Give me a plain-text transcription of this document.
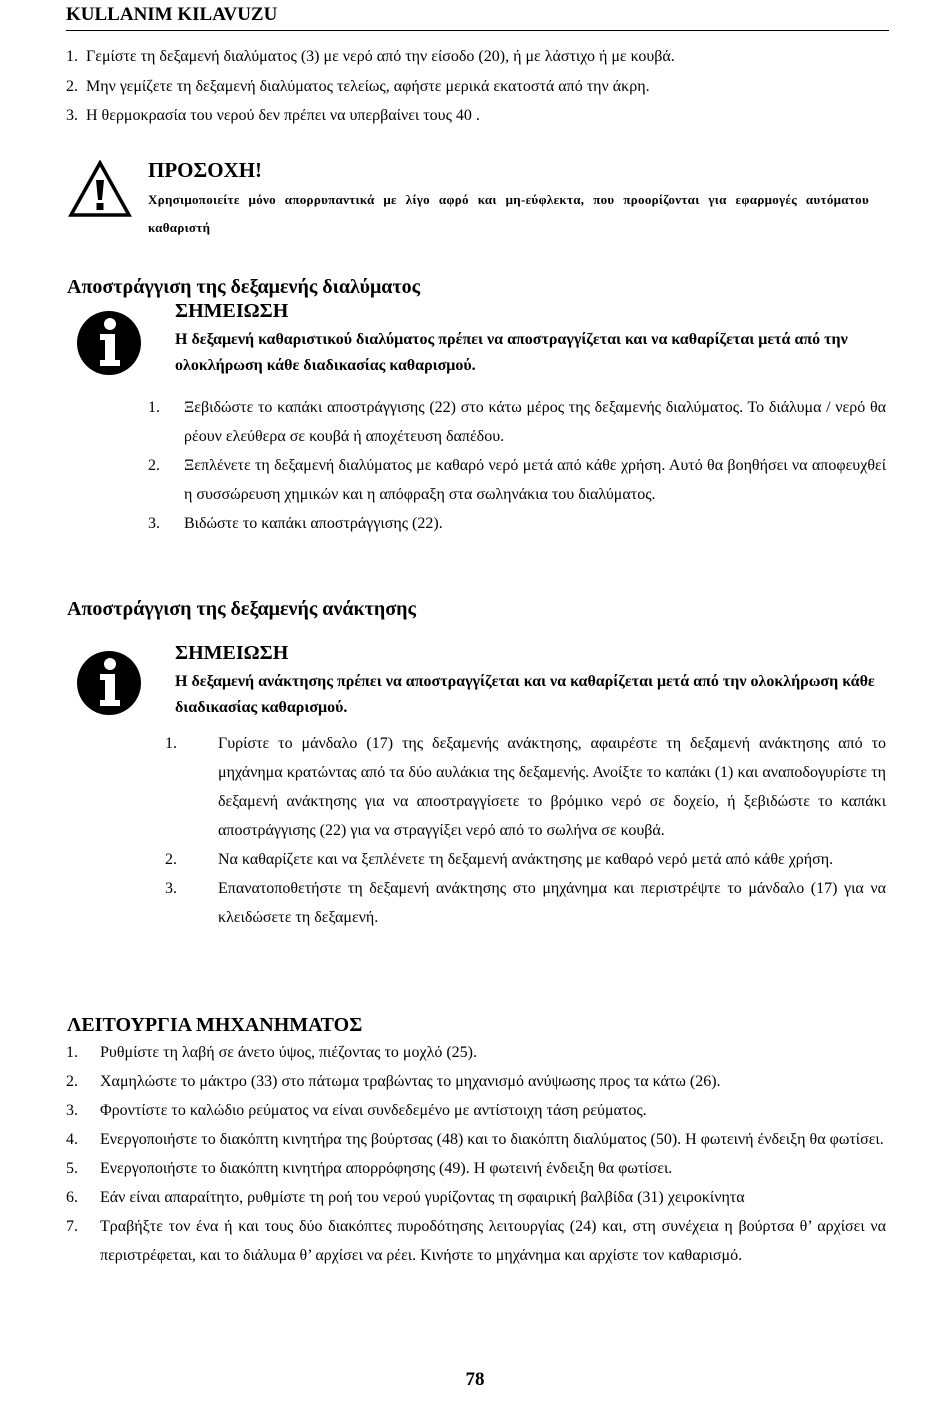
KULLANIM KILAVUZU
1. Γεμίστε τη δεξαμενή διαλύματος (3) με νερό από την είσοδο (20), ή με λάστιχο ή με κουβά.
2. Μην γεμίζετε τη δεξαμενή διαλύματος τελείως, αφήστε μερικά εκατοστά από την άκρη.
3. Η θερμοκρασία του νερού δεν πρέπει να υπερβαίνει τους 40 .
ΠΡΟΣΟΧΗ!
Χρησιμοποιείτε μόνο απορρυπαντικά με λίγο αφρό και μη-εύφλεκτα, που προορίζονται για εφαρμογές αυτόματου καθαριστή
Αποστράγγιση της δεξαμενής διαλύματος
ΣΗΜΕΙΩΣΗ
Η δεξαμενή καθαριστικού διαλύματος πρέπει να αποστραγγίζεται και να καθαρίζεται μετά από την ολοκλήρωση κάθε διαδικασίας καθαρισμού.
1.	Ξεβιδώστε το καπάκι αποστράγγισης (22) στο κάτω μέρος της δεξαμενής διαλύματος. Το διάλυμα / νερό θα ρέουν ελεύθερα σε κουβά ή αποχέτευση δαπέδου.
2.	Ξεπλένετε τη δεξαμενή διαλύματος με καθαρό νερό μετά από κάθε χρήση. Αυτό θα βοηθήσει να αποφευχθεί η συσσώρευση χημικών και η απόφραξη στα σωληνάκια του διαλύματος.
3.	Βιδώστε το καπάκι αποστράγγισης (22).
Αποστράγγιση της δεξαμενής ανάκτησης
ΣΗΜΕΙΩΣΗ
Η δεξαμενή ανάκτησης πρέπει να αποστραγγίζεται και να καθαρίζεται μετά από την ολοκλήρωση κάθε διαδικασίας καθαρισμού.
1.	Γυρίστε το μάνδαλο (17) της δεξαμενής ανάκτησης, αφαιρέστε τη δεξαμενή ανάκτησης από το μηχάνημα κρατώντας από τα δύο αυλάκια της δεξαμενής. Ανοίξτε το καπάκι (1) και αναποδογυρίστε τη δεξαμενή ανάκτησης για να αποστραγγίσετε το βρόμικο νερό σε δοχείο, ή ξεβιδώστε το καπάκι αποστράγγισης (22) για να στραγγίξει νερό από το σωλήνα σε κουβά.
2.	Να καθαρίζετε και να ξεπλένετε τη δεξαμενή ανάκτησης με καθαρό νερό μετά από κάθε χρήση.
3.	Επανατοποθετήστε τη δεξαμενή ανάκτησης στο μηχάνημα και περιστρέψτε το μάνδαλο (17) για να κλειδώσετε τη δεξαμενή.
ΛΕΙΤΟΥΡΓΙΑ ΜΗΧΑΝΗΜΑΤΟΣ
1.	Ρυθμίστε τη λαβή σε άνετο ύψος, πιέζοντας το μοχλό (25).
2.	Χαμηλώστε το μάκτρο (33) στο πάτωμα τραβώντας το μηχανισμό ανύψωσης προς τα κάτω (26).
3.	Φροντίστε το καλώδιο ρεύματος να είναι συνδεδεμένο με αντίστοιχη τάση ρεύματος.
4.	Ενεργοποιήστε το διακόπτη κινητήρα της βούρτσας (48) και το διακόπτη διαλύματος (50). Η φωτεινή ένδειξη θα φωτίσει.
5.	Ενεργοποιήστε το διακόπτη κινητήρα απορρόφησης (49). Η φωτεινή ένδειξη θα φωτίσει.
6.	Εάν είναι απαραίτητο, ρυθμίστε τη ροή του νερού γυρίζοντας τη σφαιρική βαλβίδα (31) χειροκίνητα
7.	Τραβήξτε τον ένα ή και τους δύο διακόπτες πυροδότησης λειτουργίας (24) και, στη συνέχεια η βούρτσα θ’ αρχίσει να περιστρέφεται, και το διάλυμα θ’ αρχίσει να ρέει. Κινήστε το μηχάνημα και αρχίστε τον καθαρισμό.
78
